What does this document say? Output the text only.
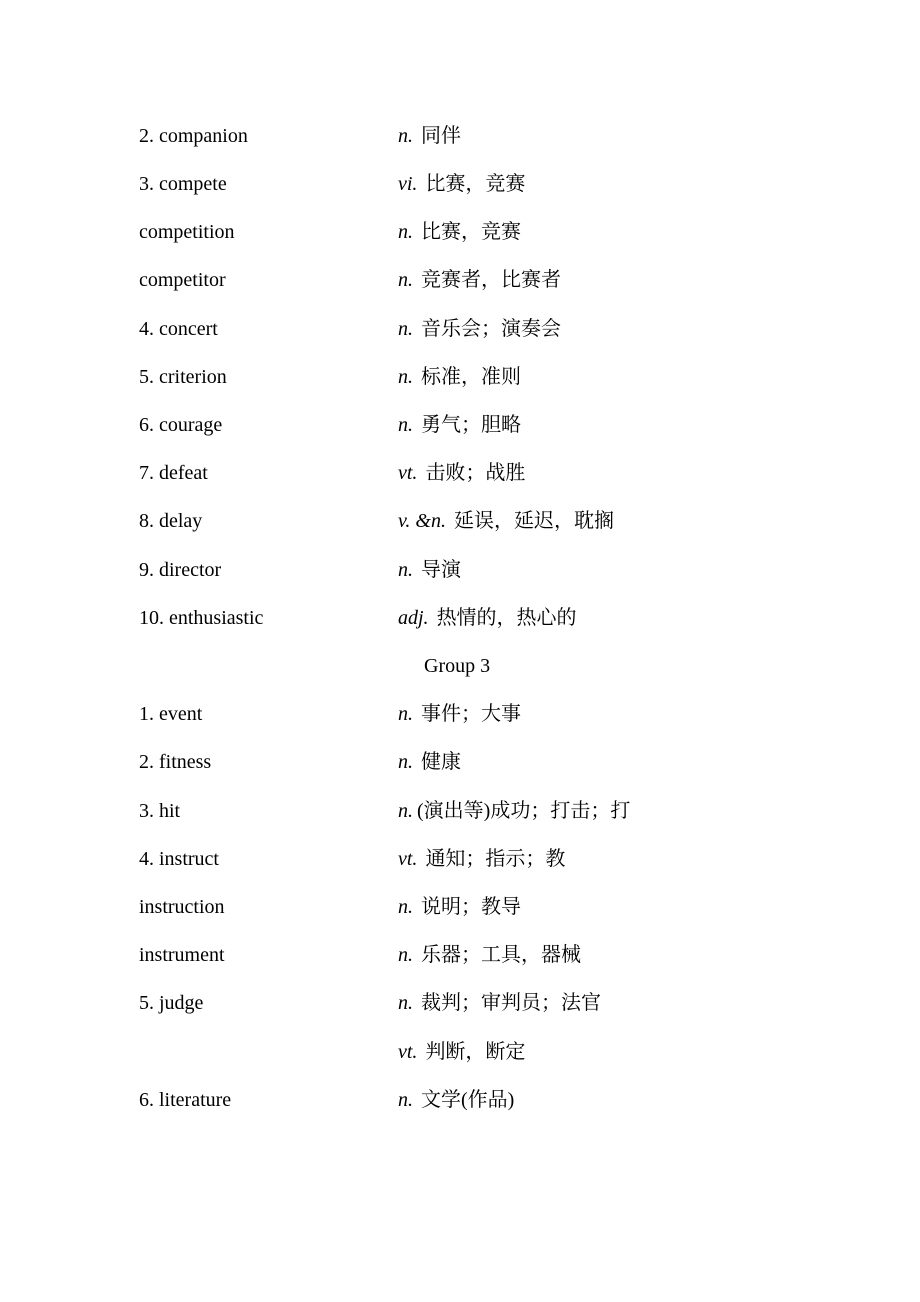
2. companion	n. 同伴
3. compete	vi. 比赛，竞赛
competition	n. 比赛，竞赛
competitor	n. 竞赛者，比赛者
4. concert	n. 音乐会；演奏会
5. criterion	n. 标准，准则
6. courage	n. 勇气；胆略
7. defeat	vt. 击败；战胜
8. delay	v. &n. 延误，延迟，耽搁
9. director	n. 导演
10. enthusiastic	adj. 热情的，热心的
Group 3
1. event	n. 事件；大事
2. fitness	n. 健康
3. hit	n. (演出等)成功；打击；打
4. instruct	vt. 通知；指示；教
instruction	n. 说明；教导
instrument	n. 乐器；工具，器械
5. judge	n. 裁判；审判员；法官
vt. 判断，断定
6. literature	n. 文学(作品)
